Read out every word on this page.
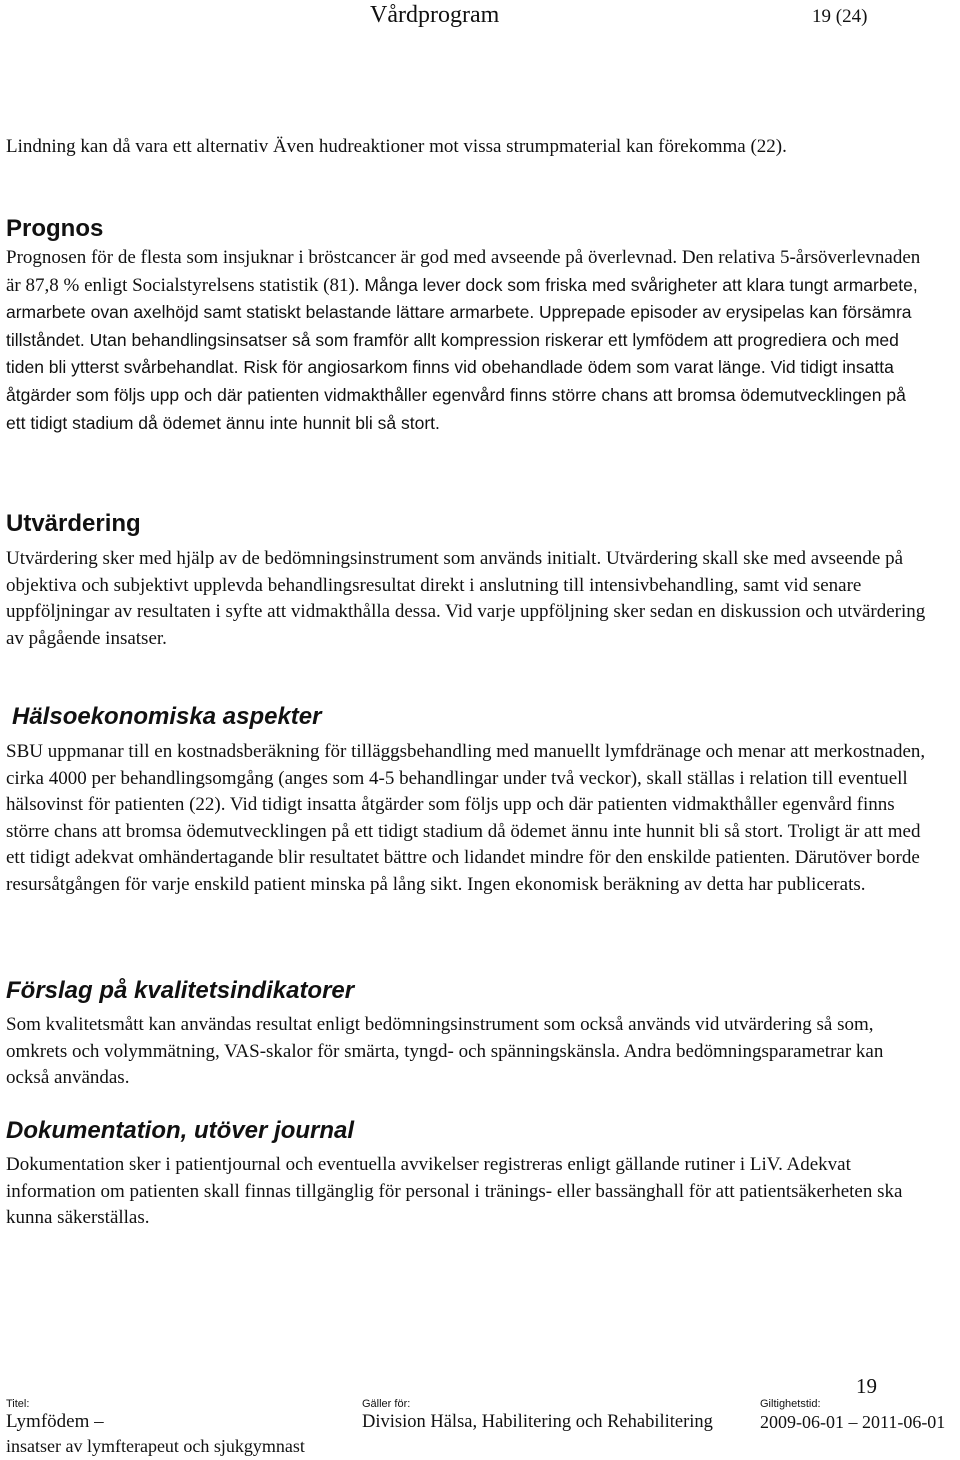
Vårdprogram	19 (24)

Lindning kan då vara ett alternativ Även hudreaktioner mot vissa strumpmaterial kan förekomma (22).

Prognos

Prognosen för de flesta som insjuknar i bröstcancer är god med avseende på överlevnad. Den relativa 5-årsöverlevnaden är 87,8 % enligt Socialstyrelsens statistik (81). Många lever dock som friska med svårigheter att klara tungt armarbete, armarbete ovan axelhöjd samt statiskt belastande lättare armarbete. Upprepade episoder av erysipelas kan försämra tillståndet. Utan behandlingsinsatser så som framför allt kompression riskerar ett lymfödem att progrediera och med tiden bli ytterst svårbehandlat. Risk för angiosarkom finns vid obehandlade ödem som varat länge. Vid tidigt insatta åtgärder som följs upp och där patienten vidmakthåller egenvård finns större chans att bromsa ödemutvecklingen på ett tidigt stadium då ödemet ännu inte hunnit bli så stort.

Utvärdering

Utvärdering sker med hjälp av de bedömningsinstrument som används initialt. Utvärdering skall ske med avseende på objektiva och subjektivt upplevda behandlingsresultat direkt i anslutning till intensivbehandling, samt vid senare uppföljningar av resultaten i syfte att vidmakthålla dessa. Vid varje uppföljning sker sedan en diskussion och utvärdering av pågående insatser.

Hälsoekonomiska aspekter

SBU uppmanar till en kostnadsberäkning för tilläggsbehandling med manuellt lymfdränage och menar att merkostnaden, cirka 4000 per behandlingsomgång (anges som 4-5 behandlingar under två veckor), skall ställas i relation till eventuell hälsovinst för patienten (22). Vid tidigt insatta åtgärder som följs upp och där patienten vidmakthåller egenvård finns större chans att bromsa ödemutvecklingen på ett tidigt stadium då ödemet ännu inte hunnit bli så stort. Troligt är att med ett tidigt adekvat omhändertagande blir resultatet bättre och lidandet mindre för den enskilde patienten. Därutöver borde resursåtgången för varje enskild patient minska på lång sikt. Ingen ekonomisk beräkning av detta har publicerats.

Förslag på kvalitetsindikatorer

Som kvalitetsmått kan användas resultat enligt bedömningsinstrument som också används vid utvärdering så som, omkrets och volymmätning, VAS-skalor för smärta, tyngd- och spänningskänsla. Andra bedömningsparametrar kan också användas.

Dokumentation, utöver journal

Dokumentation sker i patientjournal och eventuella avvikelser registreras enligt gällande rutiner i LiV. Adekvat information om patienten skall finnas tillgänglig för personal i tränings- eller bassänghall för att patientsäkerheten ska kunna säkerställas.

19
Titel:
Lymfödem –
insatser av lymfterapeut och sjukgymnast
Gäller för:
Division Hälsa, Habilitering och Rehabilitering
Giltighetstid:
2009-06-01 – 2011-06-01
